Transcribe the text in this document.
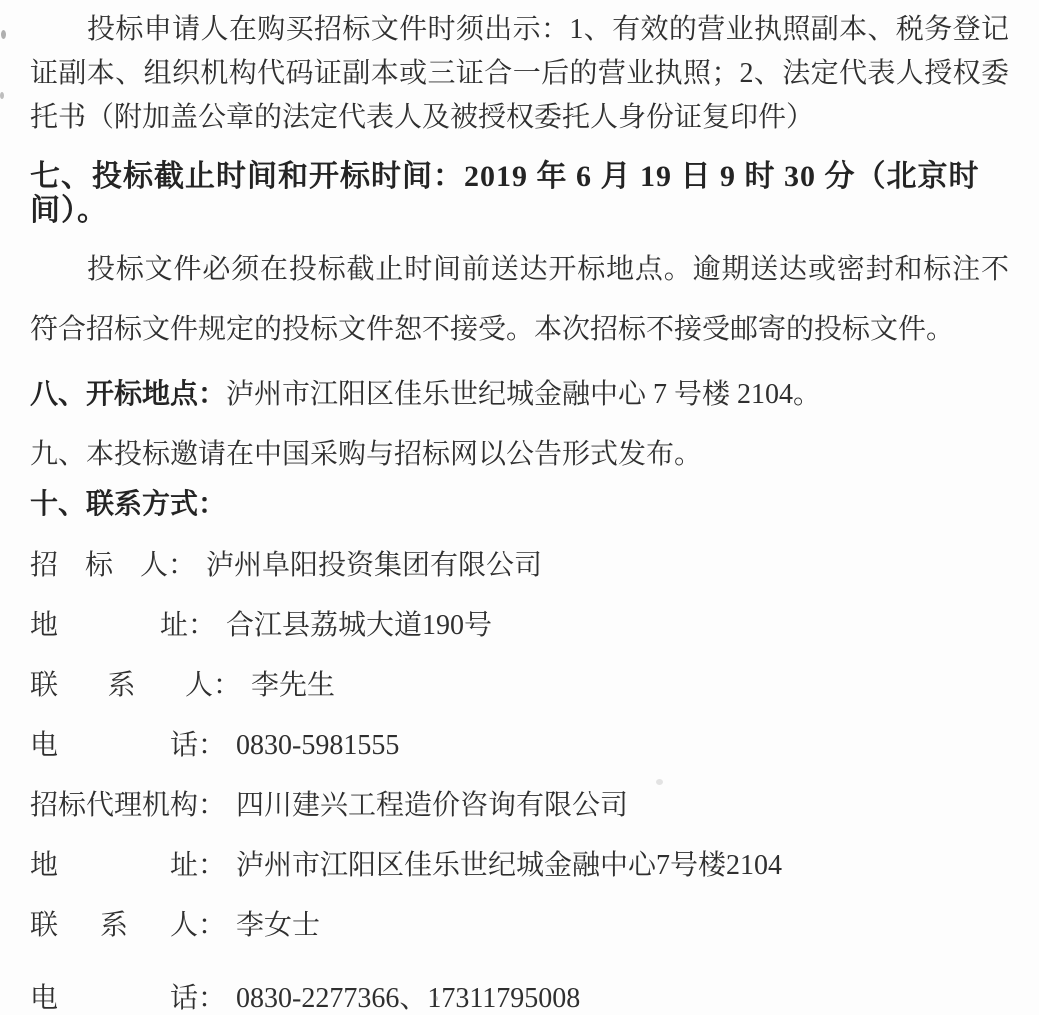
投标申请人在购买招标文件时须出示：1、有效的营业执照副本、税务登记证副本、组织机构代码证副本或三证合一后的营业执照；2、法定代表人授权委托书（附加盖公章的法定代表人及被授权委托人身份证复印件）

七、投标截止时间和开标时间：2019 年 6 月 19 日 9 时 30 分（北京时间）。

投标文件必须在投标截止时间前送达开标地点。逾期送达或密封和标注不符合招标文件规定的投标文件恕不接受。本次招标不接受邮寄的投标文件。

八、开标地点：泸州市江阳区佳乐世纪城金融中心 7 号楼 2104。
九、本投标邀请在中国采购与招标网以公告形式发布。
十、联系方式：
招标人： 泸州阜阳投资集团有限公司
地址： 合江县荔城大道190号
联系人： 李先生
电话： 0830-5981555
招标代理机构： 四川建兴工程造价咨询有限公司
地址： 泸州市江阳区佳乐世纪城金融中心7号楼2104
联系人： 李女士
电话： 0830-2277366、17311795008
